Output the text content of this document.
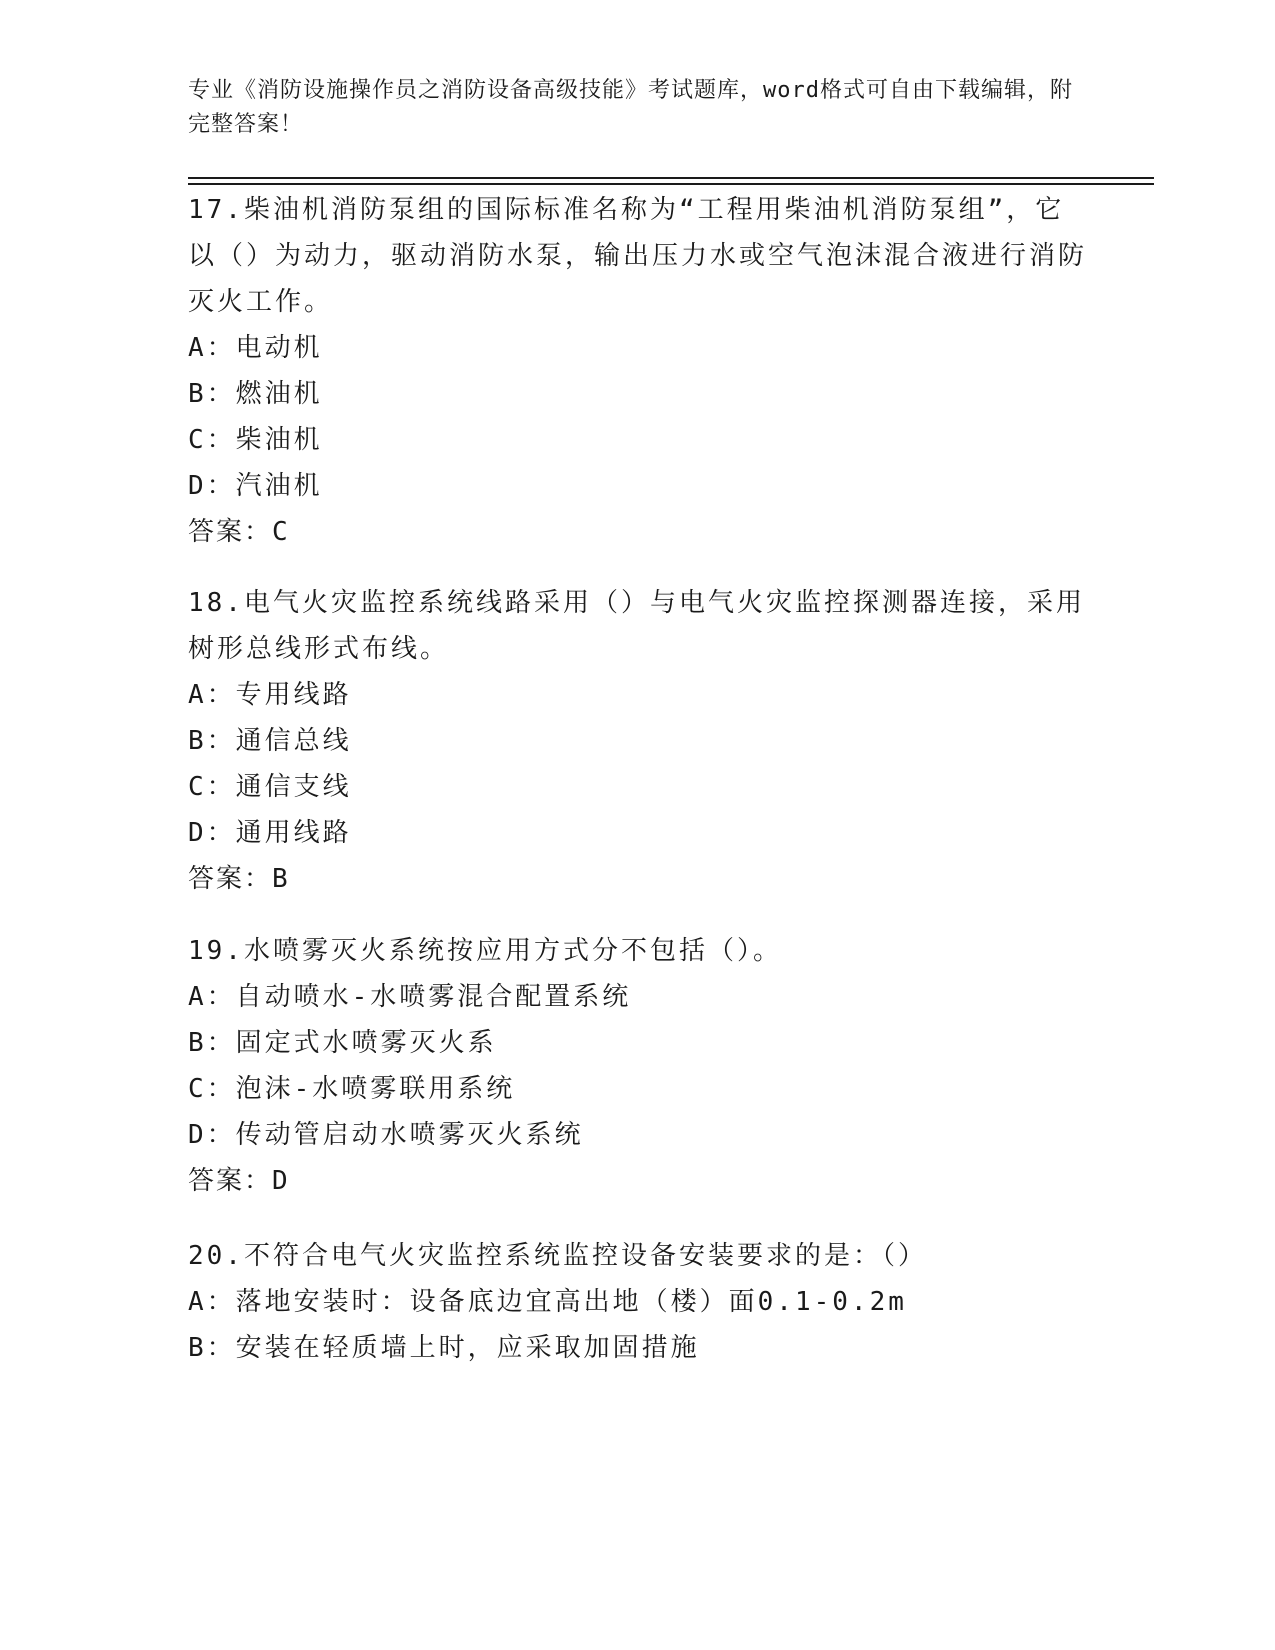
专业《消防设施操作员之消防设备高级技能》考试题库，word格式可自由下载编辑，附完整答案！

17.柴油机消防泵组的国际标准名称为“工程用柴油机消防泵组”，它以（）为动力，驱动消防水泵，输出压力水或空气泡沫混合液进行消防灭火工作。

A：电动机

B：燃油机

C：柴油机

D：汽油机

答案：C

18.电气火灾监控系统线路采用（）与电气火灾监控探测器连接，采用树形总线形式布线。

A：专用线路

B：通信总线

C：通信支线

D：通用线路

答案：B

19.水喷雾灭火系统按应用方式分不包括（）。

A：自动喷水-水喷雾混合配置系统

B：固定式水喷雾灭火系

C：泡沫-水喷雾联用系统

D：传动管启动水喷雾灭火系统

答案：D

20.不符合电气火灾监控系统监控设备安装要求的是：（）

A：落地安装时：设备底边宜高出地（楼）面0.1-0.2m

B：安装在轻质墙上时，应采取加固措施
